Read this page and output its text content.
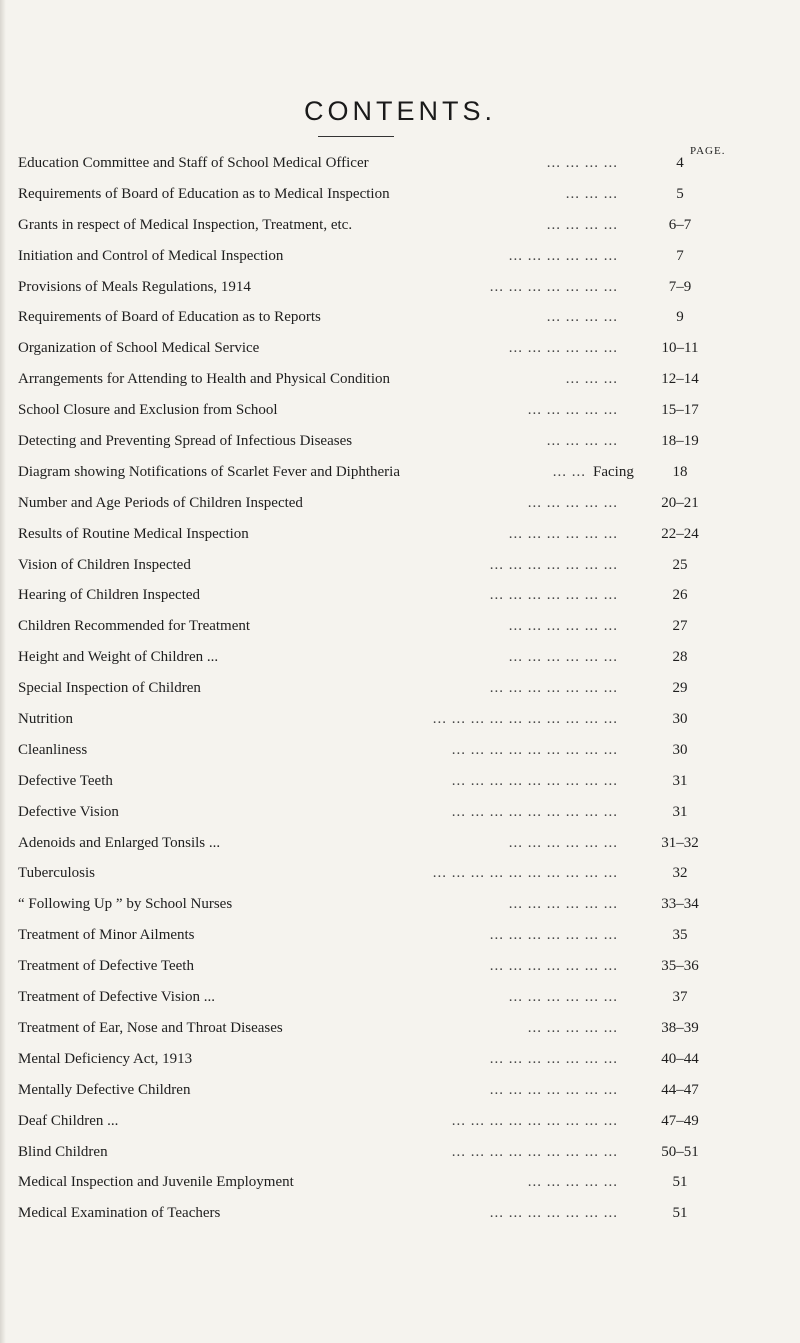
CONTENTS.
PAGE.
Education Committee and Staff of School Medical Officer	... ... ... ...	4
Requirements of Board of Education as to Medical Inspection	... ... ...	5
Grants in respect of Medical Inspection, Treatment, etc.	... ... ... ...	6–7
Initiation and Control of Medical Inspection	... ... ... ... ... ...	7
Provisions of Meals Regulations, 1914	... ... ... ... ... ... ...	7–9
Requirements of Board of Education as to Reports	... ... ... ...	9
Organization of School Medical Service	... ... ... ... ... ...	10–11
Arrangements for Attending to Health and Physical Condition	... ... ...	12–14
School Closure and Exclusion from School	... ... ... ... ...	15–17
Detecting and Preventing Spread of Infectious Diseases	... ... ... ...	18–19
Diagram showing Notifications of Scarlet Fever and Diphtheria	... ... Facing	18
Number and Age Periods of Children Inspected	... ... ... ... ...	20–21
Results of Routine Medical Inspection	... ... ... ... ... ...	22–24
Vision of Children Inspected	... ... ... ... ... ... ...	25
Hearing of Children Inspected	... ... ... ... ... ... ...	26
Children Recommended for Treatment	... ... ... ... ... ...	27
Height and Weight of Children ...	... ... ... ... ... ...	28
Special Inspection of Children	... ... ... ... ... ... ...	29
Nutrition	... ... ... ... ... ... ... ... ... ...	30
Cleanliness	... ... ... ... ... ... ... ... ...	30
Defective Teeth	... ... ... ... ... ... ... ... ...	31
Defective Vision	... ... ... ... ... ... ... ... ...	31
Adenoids and Enlarged Tonsils ...	... ... ... ... ... ...	31–32
Tuberculosis	... ... ... ... ... ... ... ... ... ...	32
“ Following Up ” by School Nurses	... ... ... ... ... ...	33–34
Treatment of Minor Ailments	... ... ... ... ... ... ...	35
Treatment of Defective Teeth	... ... ... ... ... ... ...	35–36
Treatment of Defective Vision ...	... ... ... ... ... ...	37
Treatment of Ear, Nose and Throat Diseases	... ... ... ... ...	38–39
Mental Deficiency Act, 1913	... ... ... ... ... ... ...	40–44
Mentally Defective Children	... ... ... ... ... ... ...	44–47
Deaf Children ...	... ... ... ... ... ... ... ... ...	47–49
Blind Children	... ... ... ... ... ... ... ... ...	50–51
Medical Inspection and Juvenile Employment	... ... ... ... ...	51
Medical Examination of Teachers	... ... ... ... ... ... ...	51
